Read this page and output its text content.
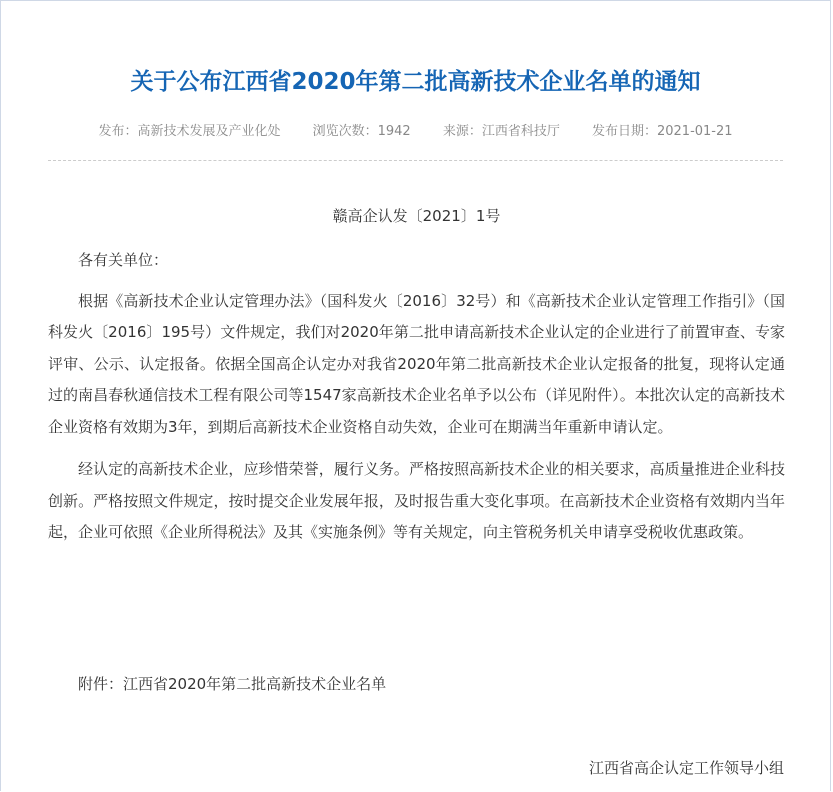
关于公布江西省2020年第二批高新技术企业名单的通知
发布：高新技术发展及产业化处 浏览次数：1942 来源：江西省科技厅 发布日期：2021-01-21

赣高企认发〔2021〕1号

各有关单位：

根据《高新技术企业认定管理办法》（国科发火〔2016〕32号）和《高新技术企业认定管理工作指引》（国科发火〔2016〕195号）文件规定，我们对2020年第二批申请高新技术企业认定的企业进行了前置审查、专家评审、公示、认定报备。依据全国高企认定办对我省2020年第二批高新技术企业认定报备的批复，现将认定通过的南昌春秋通信技术工程有限公司等1547家高新技术企业名单予以公布（详见附件）。本批次认定的高新技术企业资格有效期为3年，到期后高新技术企业资格自动失效，企业可在期满当年重新申请认定。

经认定的高新技术企业，应珍惜荣誉，履行义务。严格按照高新技术企业的相关要求，高质量推进企业科技创新。严格按照文件规定，按时提交企业发展年报，及时报告重大变化事项。在高新技术企业资格有效期内当年起，企业可依照《企业所得税法》及其《实施条例》等有关规定，向主管税务机关申请享受税收优惠政策。

附件：江西省2020年第二批高新技术企业名单
江西省高企认定工作领导小组
